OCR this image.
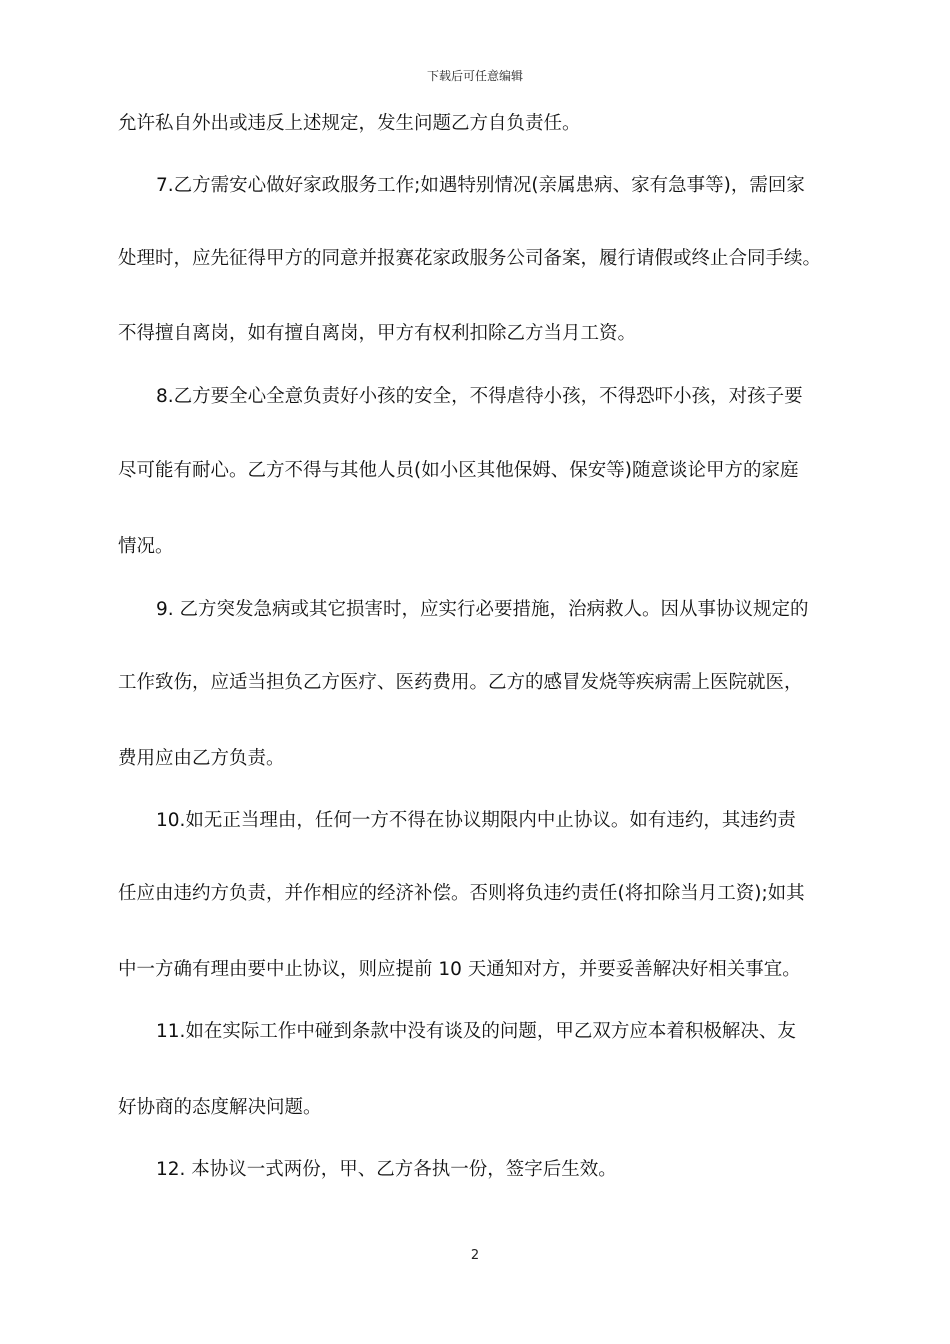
下载后可任意编辑
允许私自外出或违反上述规定，发生问题乙方自负责任。
7.乙方需安心做好家政服务工作;如遇特别情况(亲属患病、家有急事等)，需回家
处理时，应先征得甲方的同意并报赛花家政服务公司备案，履行请假或终止合同手续。
不得擅自离岗，如有擅自离岗，甲方有权利扣除乙方当月工资。
8.乙方要全心全意负责好小孩的安全，不得虐待小孩，不得恐吓小孩，对孩子要
尽可能有耐心。乙方不得与其他人员(如小区其他保姆、保安等)随意谈论甲方的家庭
情况。
9. 乙方突发急病或其它损害时，应实行必要措施，治病救人。因从事协议规定的
工作致伤，应适当担负乙方医疗、医药费用。乙方的感冒发烧等疾病需上医院就医，
费用应由乙方负责。
10.如无正当理由，任何一方不得在协议期限内中止协议。如有违约，其违约责
任应由违约方负责，并作相应的经济补偿。否则将负违约责任(将扣除当月工资);如其
中一方确有理由要中止协议，则应提前 10 天通知对方，并要妥善解决好相关事宜。
11.如在实际工作中碰到条款中没有谈及的问题，甲乙双方应本着积极解决、友
好协商的态度解决问题。
12. 本协议一式两份，甲、乙方各执一份，签字后生效。
2
